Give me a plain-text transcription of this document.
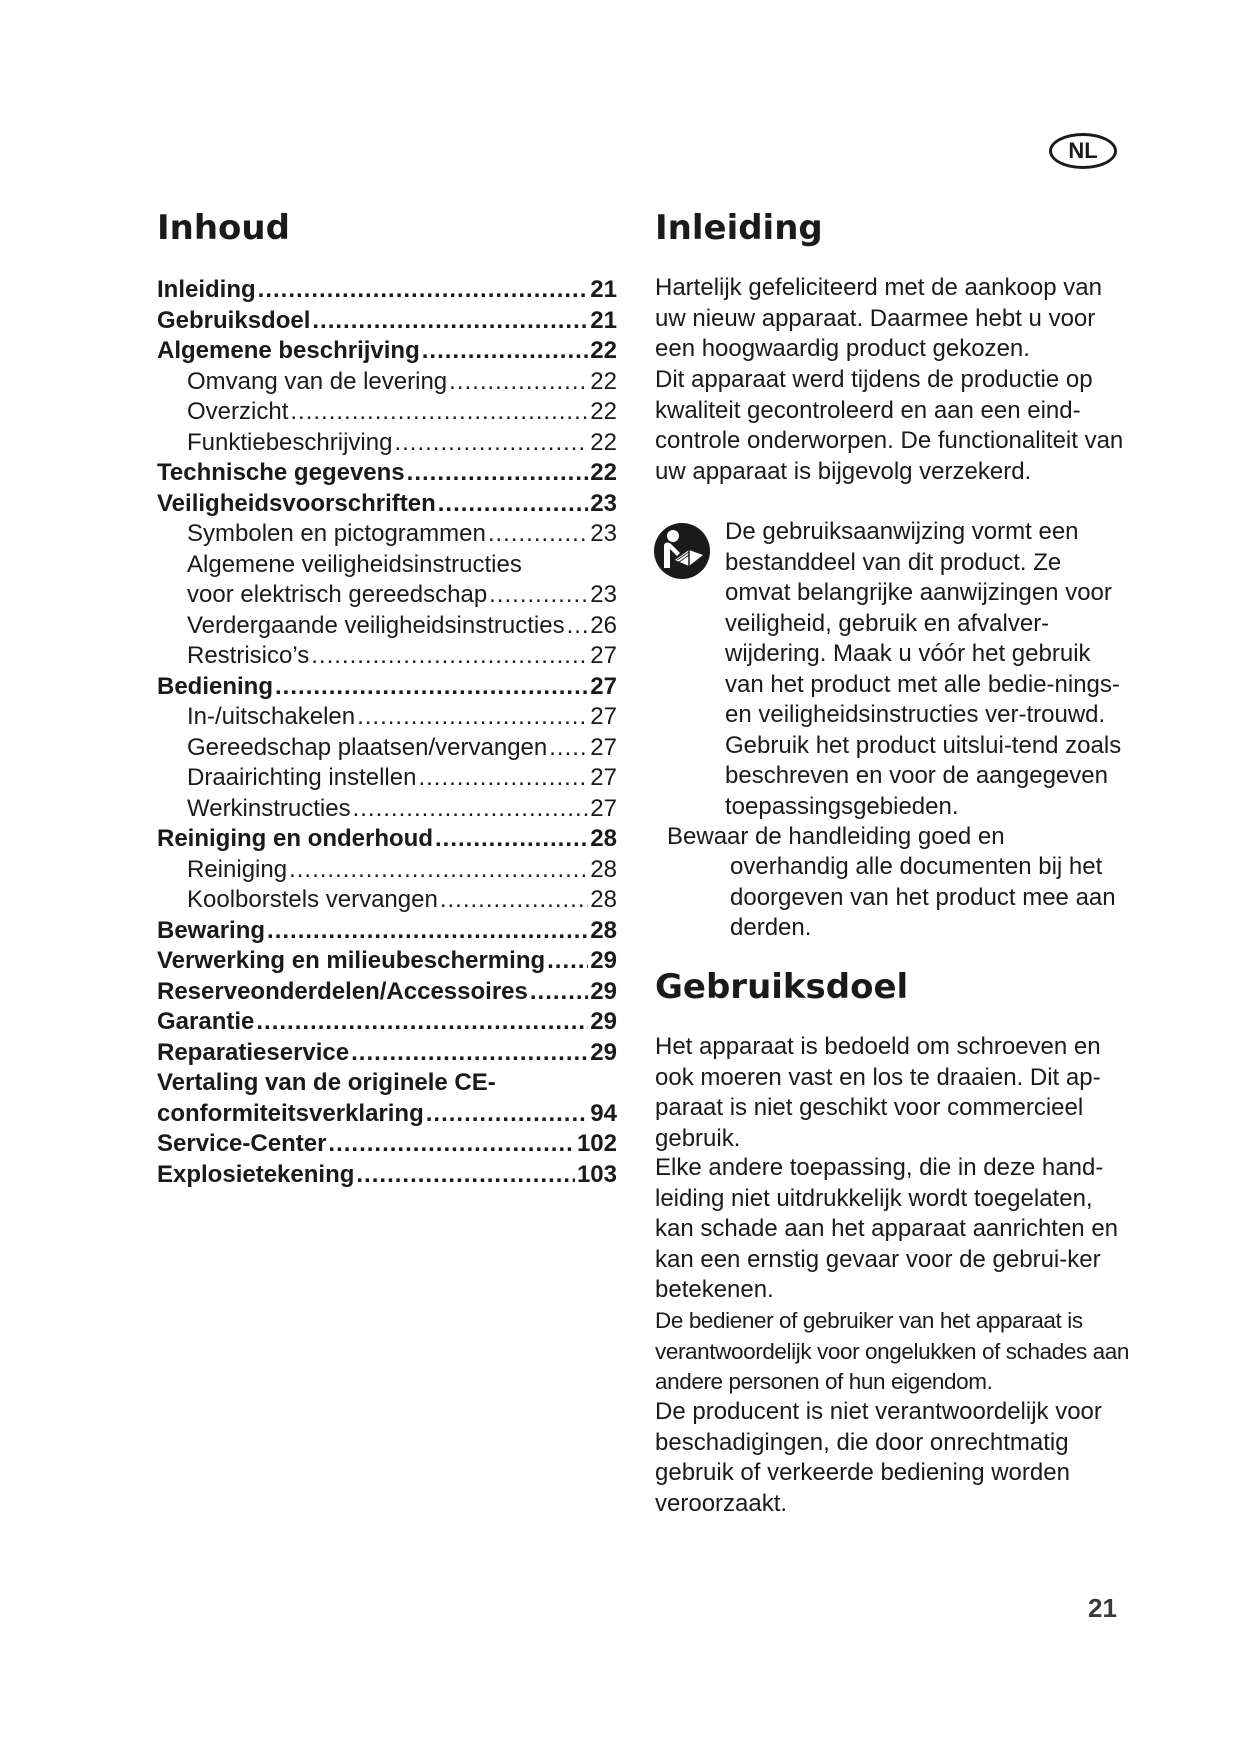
NL
Inhoud
Inleiding .....	21
Gebruiksdoel .....	21
Algemene beschrijving .....	22
Omvang van de levering .....	22
Overzicht .....	22
Funktiebeschrijving .....	22
Technische gegevens .....	22
Veiligheidsvoorschriften .....	23
Symbolen en pictogrammen .....	23
Algemene veiligheidsinstructies
voor elektrisch gereedschap .....	23
Verdergaande veiligheidsinstructies ..... 26
Restrisico’s .....	27
Bediening .....	27
In-/uitschakelen .....	27
Gereedschap plaatsen/vervangen ..... 27
Draairichting instellen .....	27
Werkinstructies .....	27
Reiniging en onderhoud .....	28
Reiniging .....	28
Koolborstels vervangen .....	28
Bewaring .....	28
Verwerking en milieubescherming ..... 29
Reserveonderdelen/Accessoires .....	29
Garantie .....	29
Reparatieservice .....	29
Vertaling van de originele CE-
conformiteitsverklaring .....	94
Service-Center .....	102
Explosietekening .....	103
Inleiding

Hartelijk gefeliciteerd met de aankoop van uw nieuw apparaat. Daarmee hebt u voor een hoogwaardig product gekozen.

Dit apparaat werd tijdens de productie op kwaliteit gecontroleerd en aan een eind-controle onderworpen. De functionaliteit van uw apparaat is bijgevolg verzekerd.

De gebruiksaanwijzing vormt een bestanddeel van dit product. Ze omvat belangrijke aanwijzingen voor veiligheid, gebruik en afvalver-wijdering. Maak u vóór het gebruik van het product met alle bedie-nings- en veiligheidsinstructies ver-trouwd. Gebruik het product uitslui-tend zoals beschreven en voor de aangegeven toepassingsgebieden.

Bewaar de handleiding goed en

overhandig alle documenten bij het doorgeven van het product mee aan derden.

Gebruiksdoel

Het apparaat is bedoeld om schroeven en ook moeren vast en los te draaien. Dit ap-paraat is niet geschikt voor commercieel gebruik.

Elke andere toepassing, die in deze hand-leiding niet uitdrukkelijk wordt toegelaten, kan schade aan het apparaat aanrichten en kan een ernstig gevaar voor de gebrui-ker betekenen.

De bediener of gebruiker van het apparaat is verantwoordelijk voor ongelukken of schades aan andere personen of hun eigendom.

De producent is niet verantwoordelijk voor beschadigingen, die door onrechtmatig gebruik of verkeerde bediening worden veroorzaakt.

21
